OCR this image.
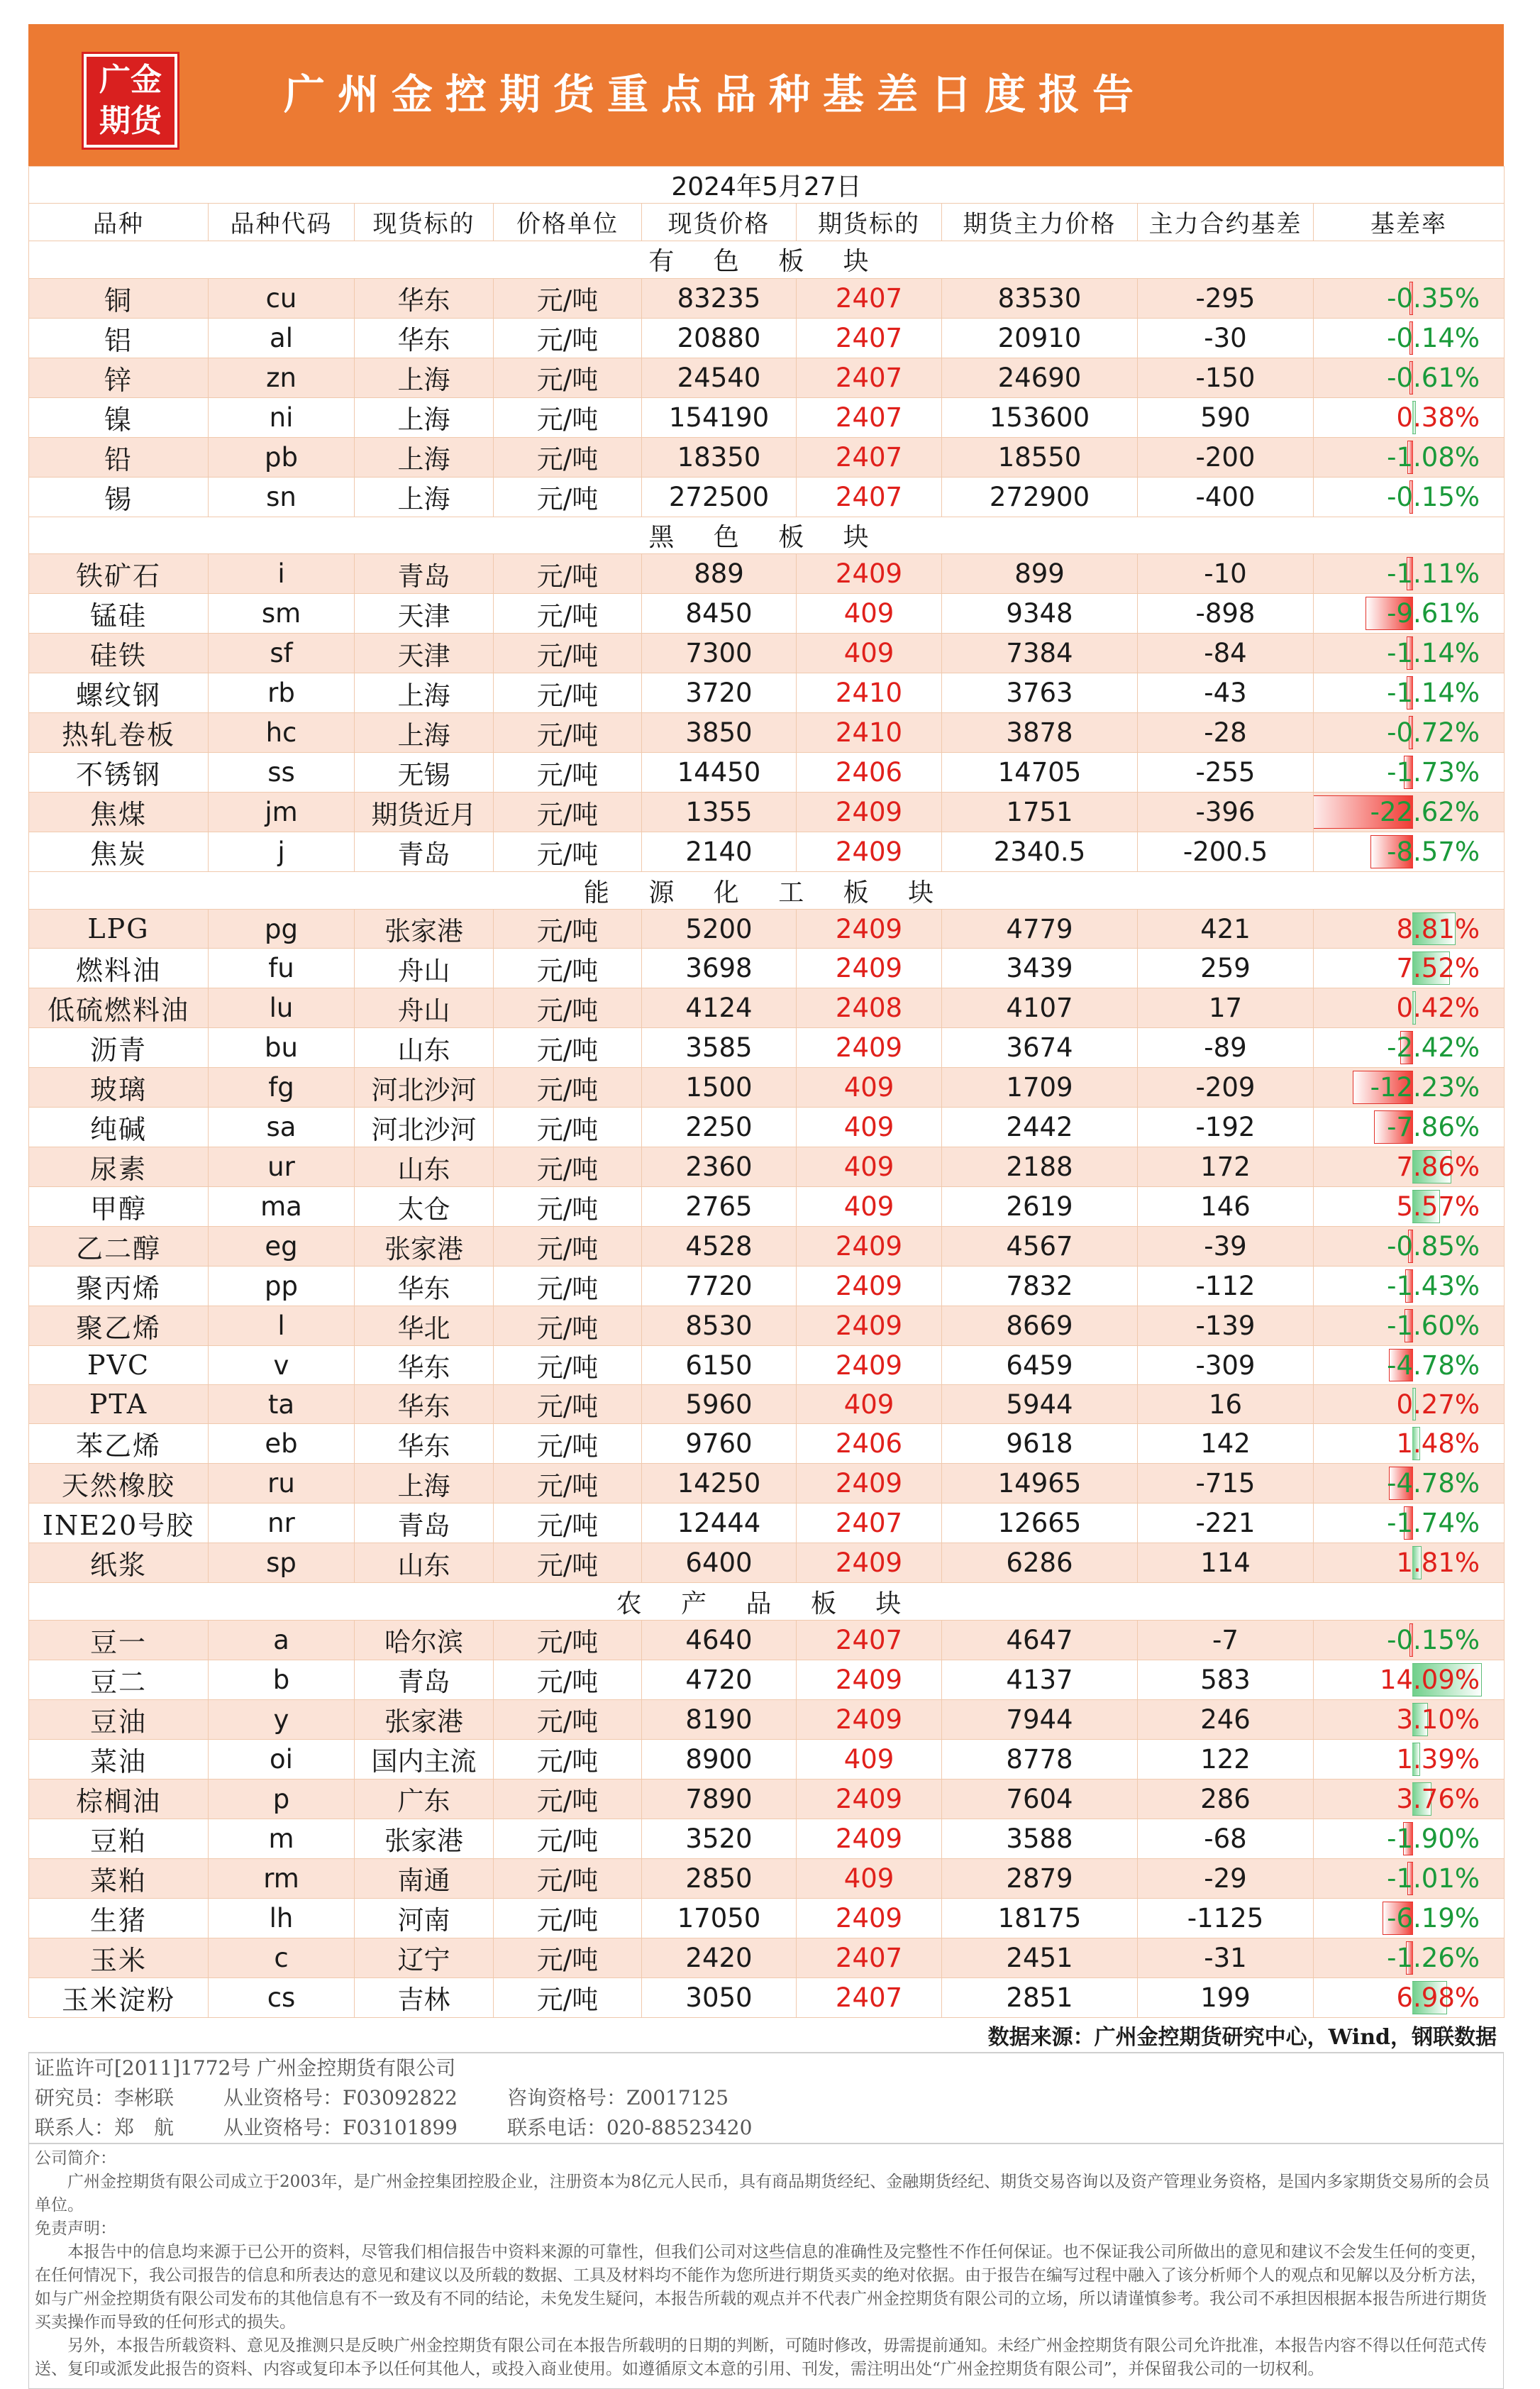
广金
期货
广州金控期货重点品种基差日度报告
2024年5月27日								
品种	品种代码	现货标的	价格单位	现货价格	期货标的	期货主力价格	主力合约基差	基差率
有 色 板 块								
铜	cu	华东	元/吨	83235	2407	83530	-295	-0.35%
铝	al	华东	元/吨	20880	2407	20910	-30	-0.14%
锌	zn	上海	元/吨	24540	2407	24690	-150	-0.61%
镍	ni	上海	元/吨	154190	2407	153600	590	0.38%
铅	pb	上海	元/吨	18350	2407	18550	-200	-1.08%
锡	sn	上海	元/吨	272500	2407	272900	-400	-0.15%
黑 色 板 块								
铁矿石	i	青岛	元/吨	889	2409	899	-10	-1.11%
锰硅	sm	天津	元/吨	8450	409	9348	-898	-9.61%
硅铁	sf	天津	元/吨	7300	409	7384	-84	-1.14%
螺纹钢	rb	上海	元/吨	3720	2410	3763	-43	-1.14%
热轧卷板	hc	上海	元/吨	3850	2410	3878	-28	-0.72%
不锈钢	ss	无锡	元/吨	14450	2406	14705	-255	-1.73%
焦煤	jm	期货近月	元/吨	1355	2409	1751	-396	-22.62%
焦炭	j	青岛	元/吨	2140	2409	2340.5	-200.5	-8.57%
能 源 化 工 板 块								
LPG	pg	张家港	元/吨	5200	2409	4779	421	8.81%
燃料油	fu	舟山	元/吨	3698	2409	3439	259	7.52%
低硫燃料油	lu	舟山	元/吨	4124	2408	4107	17	0.42%
沥青	bu	山东	元/吨	3585	2409	3674	-89	-2.42%
玻璃	fg	河北沙河	元/吨	1500	409	1709	-209	-12.23%
纯碱	sa	河北沙河	元/吨	2250	409	2442	-192	-7.86%
尿素	ur	山东	元/吨	2360	409	2188	172	7.86%
甲醇	ma	太仓	元/吨	2765	409	2619	146	5.57%
乙二醇	eg	张家港	元/吨	4528	2409	4567	-39	-0.85%
聚丙烯	pp	华东	元/吨	7720	2409	7832	-112	-1.43%
聚乙烯	l	华北	元/吨	8530	2409	8669	-139	-1.60%
PVC	v	华东	元/吨	6150	2409	6459	-309	-4.78%
PTA	ta	华东	元/吨	5960	409	5944	16	0.27%
苯乙烯	eb	华东	元/吨	9760	2406	9618	142	1.48%
天然橡胶	ru	上海	元/吨	14250	2409	14965	-715	-4.78%
INE20号胶	nr	青岛	元/吨	12444	2407	12665	-221	-1.74%
纸浆	sp	山东	元/吨	6400	2409	6286	114	1.81%
农 产 品 板 块								
豆一	a	哈尔滨	元/吨	4640	2407	4647	-7	-0.15%
豆二	b	青岛	元/吨	4720	2409	4137	583	14.09%
豆油	y	张家港	元/吨	8190	2409	7944	246	3.10%
菜油	oi	国内主流	元/吨	8900	409	8778	122	1.39%
棕榈油	p	广东	元/吨	7890	2409	7604	286	3.76%
豆粕	m	张家港	元/吨	3520	2409	3588	-68	-1.90%
菜粕	rm	南通	元/吨	2850	409	2879	-29	-1.01%
生猪	lh	河南	元/吨	17050	2409	18175	-1125	-6.19%
玉米	c	辽宁	元/吨	2420	2407	2451	-31	-1.26%
玉米淀粉	cs	吉林	元/吨	3050	2407	2851	199	6.98%
数据来源：广州金控期货研究中心，Wind，钢联数据
证监许可[2011]1772号 广州金控期货有限公司
研究员：李彬联	从业资格号：F03092822	咨询资格号：Z0017125
联系人：郑　航	从业资格号：F03101899	联系电话：020-88523420

公司简介：

广州金控期货有限公司成立于2003年，是广州金控集团控股企业，注册资本为8亿元人民币，具有商品期货经纪、金融期货经纪、期货交易咨询以及资产管理业务资格，是国内多家期货交易所的会员单位。

免责声明：

本报告中的信息均来源于已公开的资料，尽管我们相信报告中资料来源的可靠性，但我们公司对这些信息的准确性及完整性不作任何保证。也不保证我公司所做出的意见和建议不会发生任何的变更，在任何情况下，我公司报告的信息和所表达的意见和建议以及所载的数据、工具及材料均不能作为您所进行期货买卖的绝对依据。由于报告在编写过程中融入了该分析师个人的观点和见解以及分析方法，如与广州金控期货有限公司发布的其他信息有不一致及有不同的结论，未免发生疑问，本报告所载的观点并不代表广州金控期货有限公司的立场，所以请谨慎参考。我公司不承担因根据本报告所进行期货买卖操作而导致的任何形式的损失。

另外，本报告所载资料、意见及推测只是反映广州金控期货有限公司在本报告所载明的日期的判断，可随时修改，毋需提前通知。未经广州金控期货有限公司允许批准，本报告内容不得以任何范式传送、复印或派发此报告的资料、内容或复印本予以任何其他人，或投入商业使用。如遵循原文本意的引用、刊发，需注明出处“广州金控期货有限公司”，并保留我公司的一切权利。
